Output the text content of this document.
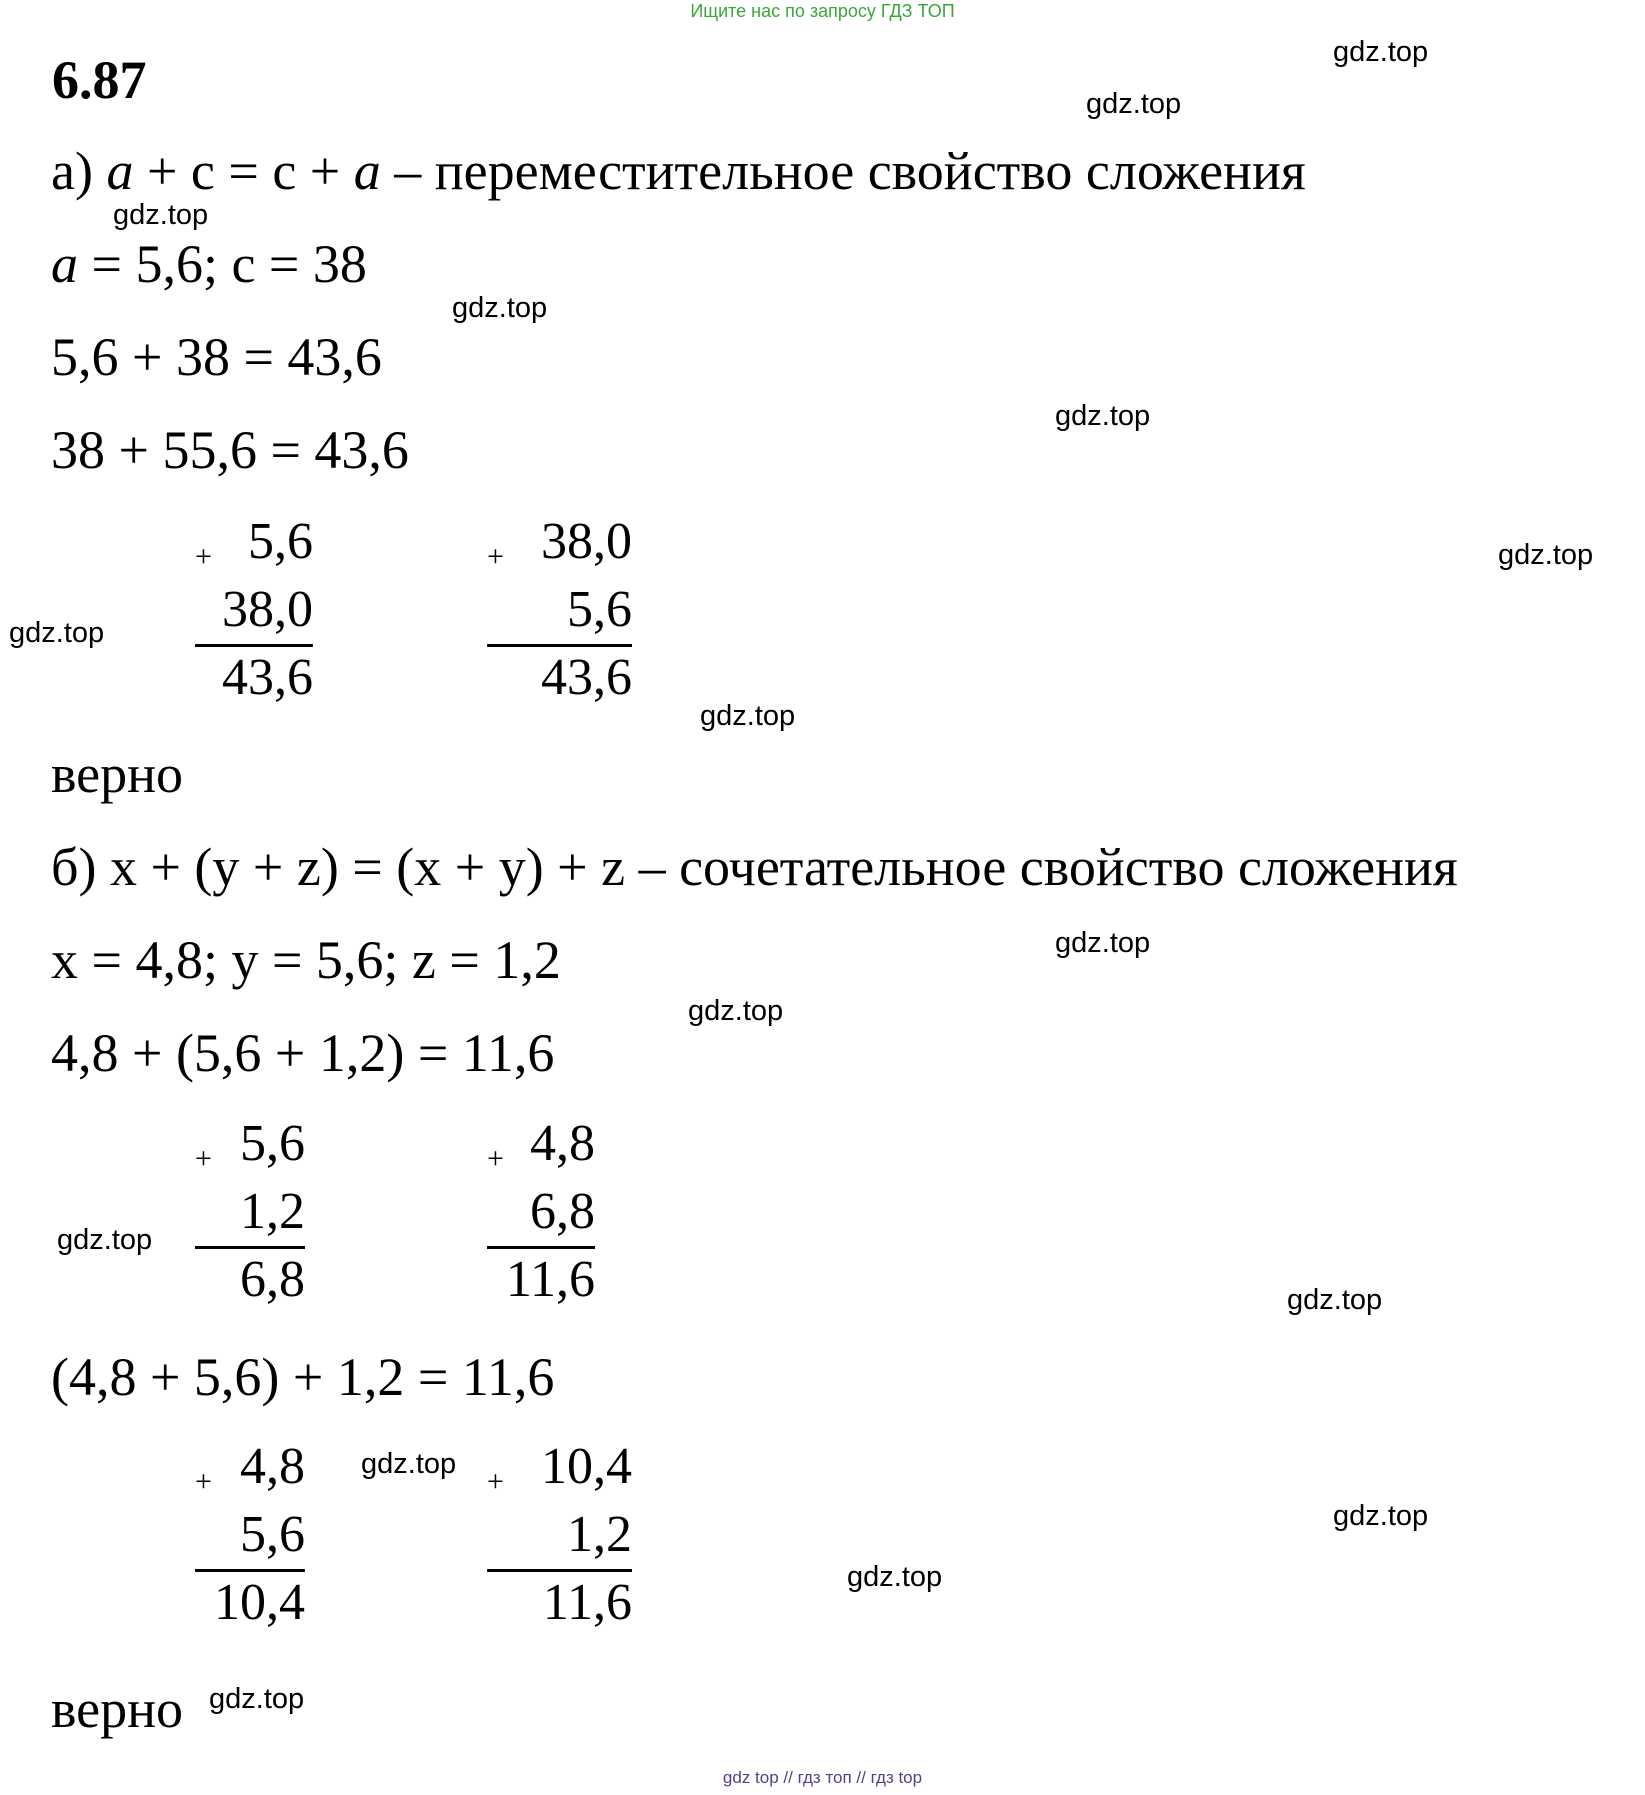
Ищите нас по запросу ГДЗ ТОП
6.87
а) a + c = c + a – переместительное свойство сложения
a = 5,6; c = 38
5,6 + 38 = 43,6
38 + 55,6 = 43,6
+ 5,6
38,0
43,6
+ 38,0
5,6
43,6
верно
б) x + (y + z) = (x + y) + z – сочетательное свойство сложения
x = 4,8; y = 5,6; z = 1,2
4,8 + (5,6 + 1,2) = 11,6
+ 5,6
1,2
6,8
+ 4,8
6,8
11,6
(4,8 + 5,6) + 1,2 = 11,6
+ 4,8
5,6
10,4
+ 10,4
1,2
11,6
верно
gdz.top
gdz.top
gdz.top
gdz.top
gdz.top
gdz.top
gdz.top
gdz.top
gdz.top
gdz.top
gdz.top
gdz.top
gdz.top
gdz.top
gdz.top
gdz.top
gdz top // гдз топ // гдз top
